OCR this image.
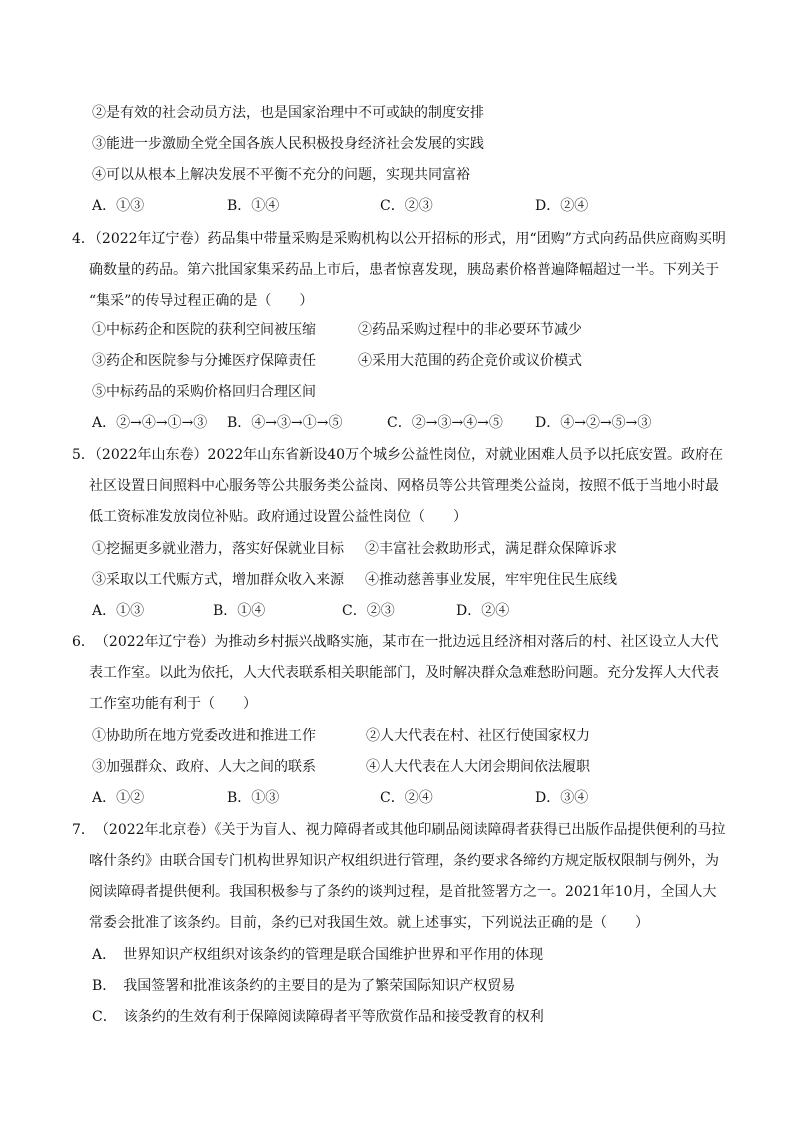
②是有效的社会动员方法，也是国家治理中不可或缺的制度安排
③能进一步激励全党全国各族人民积极投身经济社会发展的实践
④可以从根本上解决发展不平衡不充分的问题，实现共同富裕
A．①③	B．①④	C．②③	D．②④
4．（2022年辽宁卷）药品集中带量采购是采购机构以公开招标的形式，用“团购”方式向药品供应商购买明
确数量的药品。第六批国家集采药品上市后，患者惊喜发现，胰岛素价格普遍降幅超过一半。下列关于
“集采”的传导过程正确的是（　　）
①中标药企和医院的获利空间被压缩	②药品采购过程中的非必要环节减少
③药企和医院参与分摊医疗保障责任	④采用大范围的药企竞价或议价模式
⑤中标药品的采购价格回归合理区间
A．②→④→①→③ B．④→③→①→⑤	C．②→③→④→⑤ D．④→②→⑤→③
5．（2022年山东卷）2022年山东省新设40万个城乡公益性岗位，对就业困难人员予以托底安置。政府在
社区设置日间照料中心服务等公共服务类公益岗、网格员等公共管理类公益岗，按照不低于当地小时最
低工资标准发放岗位补贴。政府通过设置公益性岗位（　　）
①挖掘更多就业潜力，落实好保就业目标 ②丰富社会救助形式，满足群众保障诉求
③采取以工代赈方式，增加群众收入来源 ④推动慈善事业发展，牢牢兜住民生底线
A．①③	B．①④	C．②③	D．②④
6．　（2022年辽宁卷）为推动乡村振兴战略实施，某市在一批边远且经济相对落后的村、社区设立人大代
表工作室。以此为依托，人大代表联系相关职能部门，及时解决群众急难愁盼问题。充分发挥人大代表
工作室功能有利于（　　）
①协助所在地方党委改进和推进工作	②人大代表在村、社区行使国家权力
③加强群众、政府、人大之间的联系	④人大代表在人大闭会期间依法履职
A．①②	B．①③	C．②④	D．③④
7．　（2022年北京卷）《关于为盲人、视力障碍者或其他印刷品阅读障碍者获得已出版作品提供便利的马拉
喀什条约》由联合国专门机构世界知识产权组织进行管理，条约要求各缔约方规定版权限制与例外，为
阅读障碍者提供便利。我国积极参与了条约的谈判过程，是首批签署方之一。2021年10月，全国人大
常委会批准了该条约。目前，条约已对我国生效。就上述事实，下列说法正确的是（　　）
A．　世界知识产权组织对该条约的管理是联合国维护世界和平作用的体现
B．　我国签署和批准该条约的主要目的是为了繁荣国际知识产权贸易
C．　该条约的生效有利于保障阅读障碍者平等欣赏作品和接受教育的权利
